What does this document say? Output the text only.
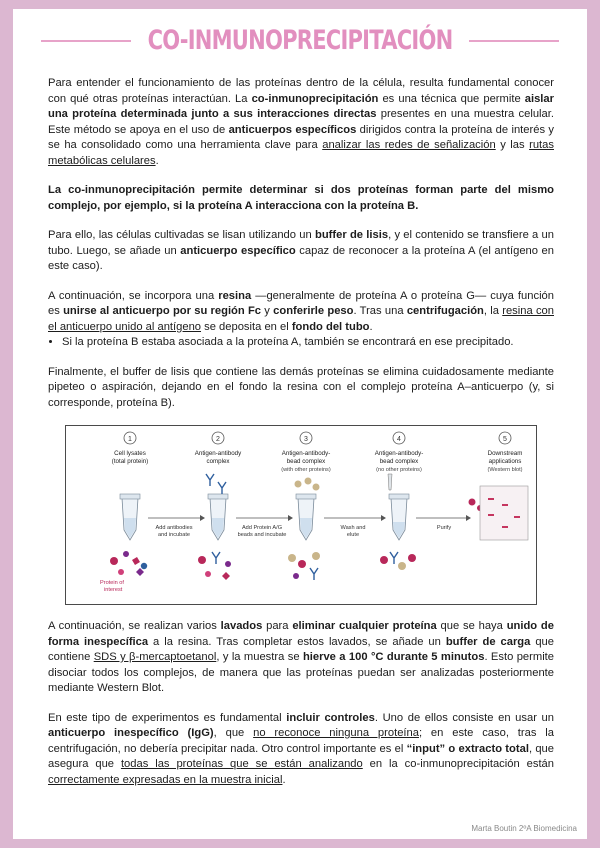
CO-INMUNOPRECIPITACIÓN

Para entender el funcionamiento de las proteínas dentro de la célula, resulta fundamental conocer con qué otras proteínas interactúan. La co-inmunoprecipitación es una técnica que permite aislar una proteína determinada junto a sus interacciones directas presentes en una muestra celular. Este método se apoya en el uso de anticuerpos específicos dirigidos contra la proteína de interés y se ha consolidado como una herramienta clave para analizar las redes de señalización y las rutas metabólicas celulares.

La co-inmunoprecipitación permite determinar si dos proteínas forman parte del mismo complejo, por ejemplo, si la proteína A interacciona con la proteína B.

Para ello, las células cultivadas se lisan utilizando un buffer de lisis, y el contenido se transfiere a un tubo. Luego, se añade un anticuerpo específico capaz de reconocer a la proteína A (el antígeno en este caso).

A continuación, se incorpora una resina —generalmente de proteína A o proteína G— cuya función es unirse al anticuerpo por su región Fc y conferirle peso. Tras una centrifugación, la resina con el anticuerpo unido al antígeno se deposita en el fondo del tubo.

• Si la proteína B estaba asociada a la proteína A, también se encontrará en ese precipitado.

Finalmente, el buffer de lisis que contiene las demás proteínas se elimina cuidadosamente mediante pipeteo o aspiración, dejando en el fondo la resina con el complejo proteína A–anticuerpo (y, si corresponde, proteína B).

1
Cell lysates
(total protein)
2
Antigen-antibody
complex
3
Antigen-antibody-
bead complex
(with other proteins)
4
Antigen-antibody-
bead complex
(no other proteins)
5
Downstream
applications
(Western blot)
Add antibodies
and incubate
Add Protein A/G
beads and incubate
Wash and
elute
Purify
Protein of
interest

A continuación, se realizan varios lavados para eliminar cualquier proteína que se haya unido de forma inespecífica a la resina. Tras completar estos lavados, se añade un buffer de carga que contiene SDS y β-mercaptoetanol, y la muestra se hierve a 100 °C durante 5 minutos. Esto permite disociar todos los complejos, de manera que las proteínas puedan ser analizadas posteriormente mediante Western Blot.

En este tipo de experimentos es fundamental incluir controles. Uno de ellos consiste en usar un anticuerpo inespecífico (IgG), que no reconoce ninguna proteína; en este caso, tras la centrifugación, no debería precipitar nada. Otro control importante es el “input” o extracto total, que asegura que todas las proteínas que se están analizando en la co-inmunoprecipitación están correctamente expresadas en la muestra inicial.

Marta Boutin 2ºA Biomedicina
